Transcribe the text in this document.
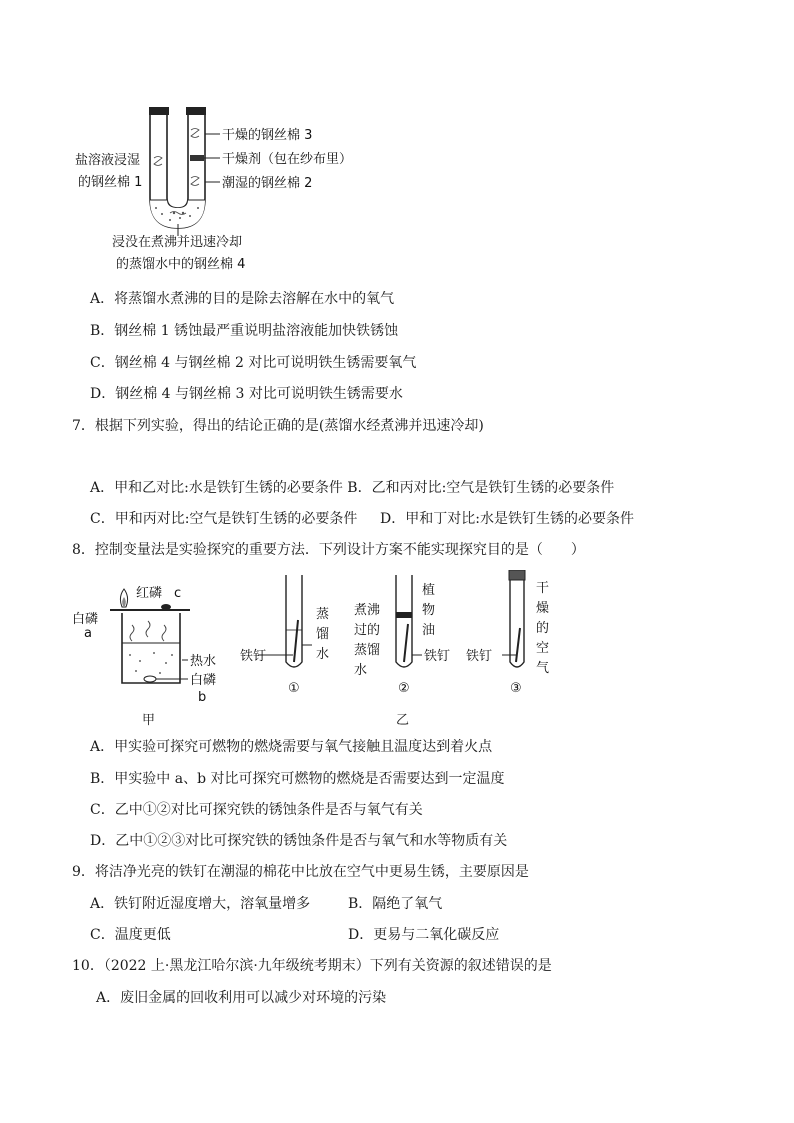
盐溶液浸湿
的钢丝棉 1
干燥的钢丝棉 3
干燥剂（包在纱布里）
潮湿的钢丝棉 2
浸没在煮沸并迅速冷却
的蒸馏水中的钢丝棉 4
A．将蒸馏水煮沸的目的是除去溶解在水中的氧气
B．钢丝棉 1 锈蚀最严重说明盐溶液能加快铁锈蚀
C．钢丝棉 4 与钢丝棉 2 对比可说明铁生锈需要氧气
D．钢丝棉 4 与钢丝棉 3 对比可说明铁生锈需要水
7．根据下列实验，得出的结论正确的是(蒸馏水经煮沸并迅速冷却)
A．甲和乙对比:水是铁钉生锈的必要条件 B．乙和丙对比:空气是铁钉生锈的必要条件
C．甲和丙对比:空气是铁钉生锈的必要条件 D．甲和丁对比:水是铁钉生锈的必要条件
8．控制变量法是实验探究的重要方法．下列设计方案不能实现探究目的是（　　）
红磷 c
白磷
a
热水
白磷
b
甲
铁钉
蒸
馏
水
①
煮沸
过的
蒸馏
水
植
物
油
铁钉
②
铁钉
干
燥
的
空
气
③
乙
A．甲实验可探究可燃物的燃烧需要与氧气接触且温度达到着火点
B．甲实验中 a、b 对比可探究可燃物的燃烧是否需要达到一定温度
C．乙中①②对比可探究铁的锈蚀条件是否与氧气有关
D．乙中①②③对比可探究铁的锈蚀条件是否与氧气和水等物质有关
9．将洁净光亮的铁钉在潮湿的棉花中比放在空气中更易生锈，主要原因是
A．铁钉附近湿度增大，溶氧量增多	B．隔绝了氧气
C．温度更低	D．更易与二氧化碳反应
10．（2022 上·黑龙江哈尔滨·九年级统考期末）下列有关资源的叙述错误的是
A．废旧金属的回收利用可以减少对环境的污染
